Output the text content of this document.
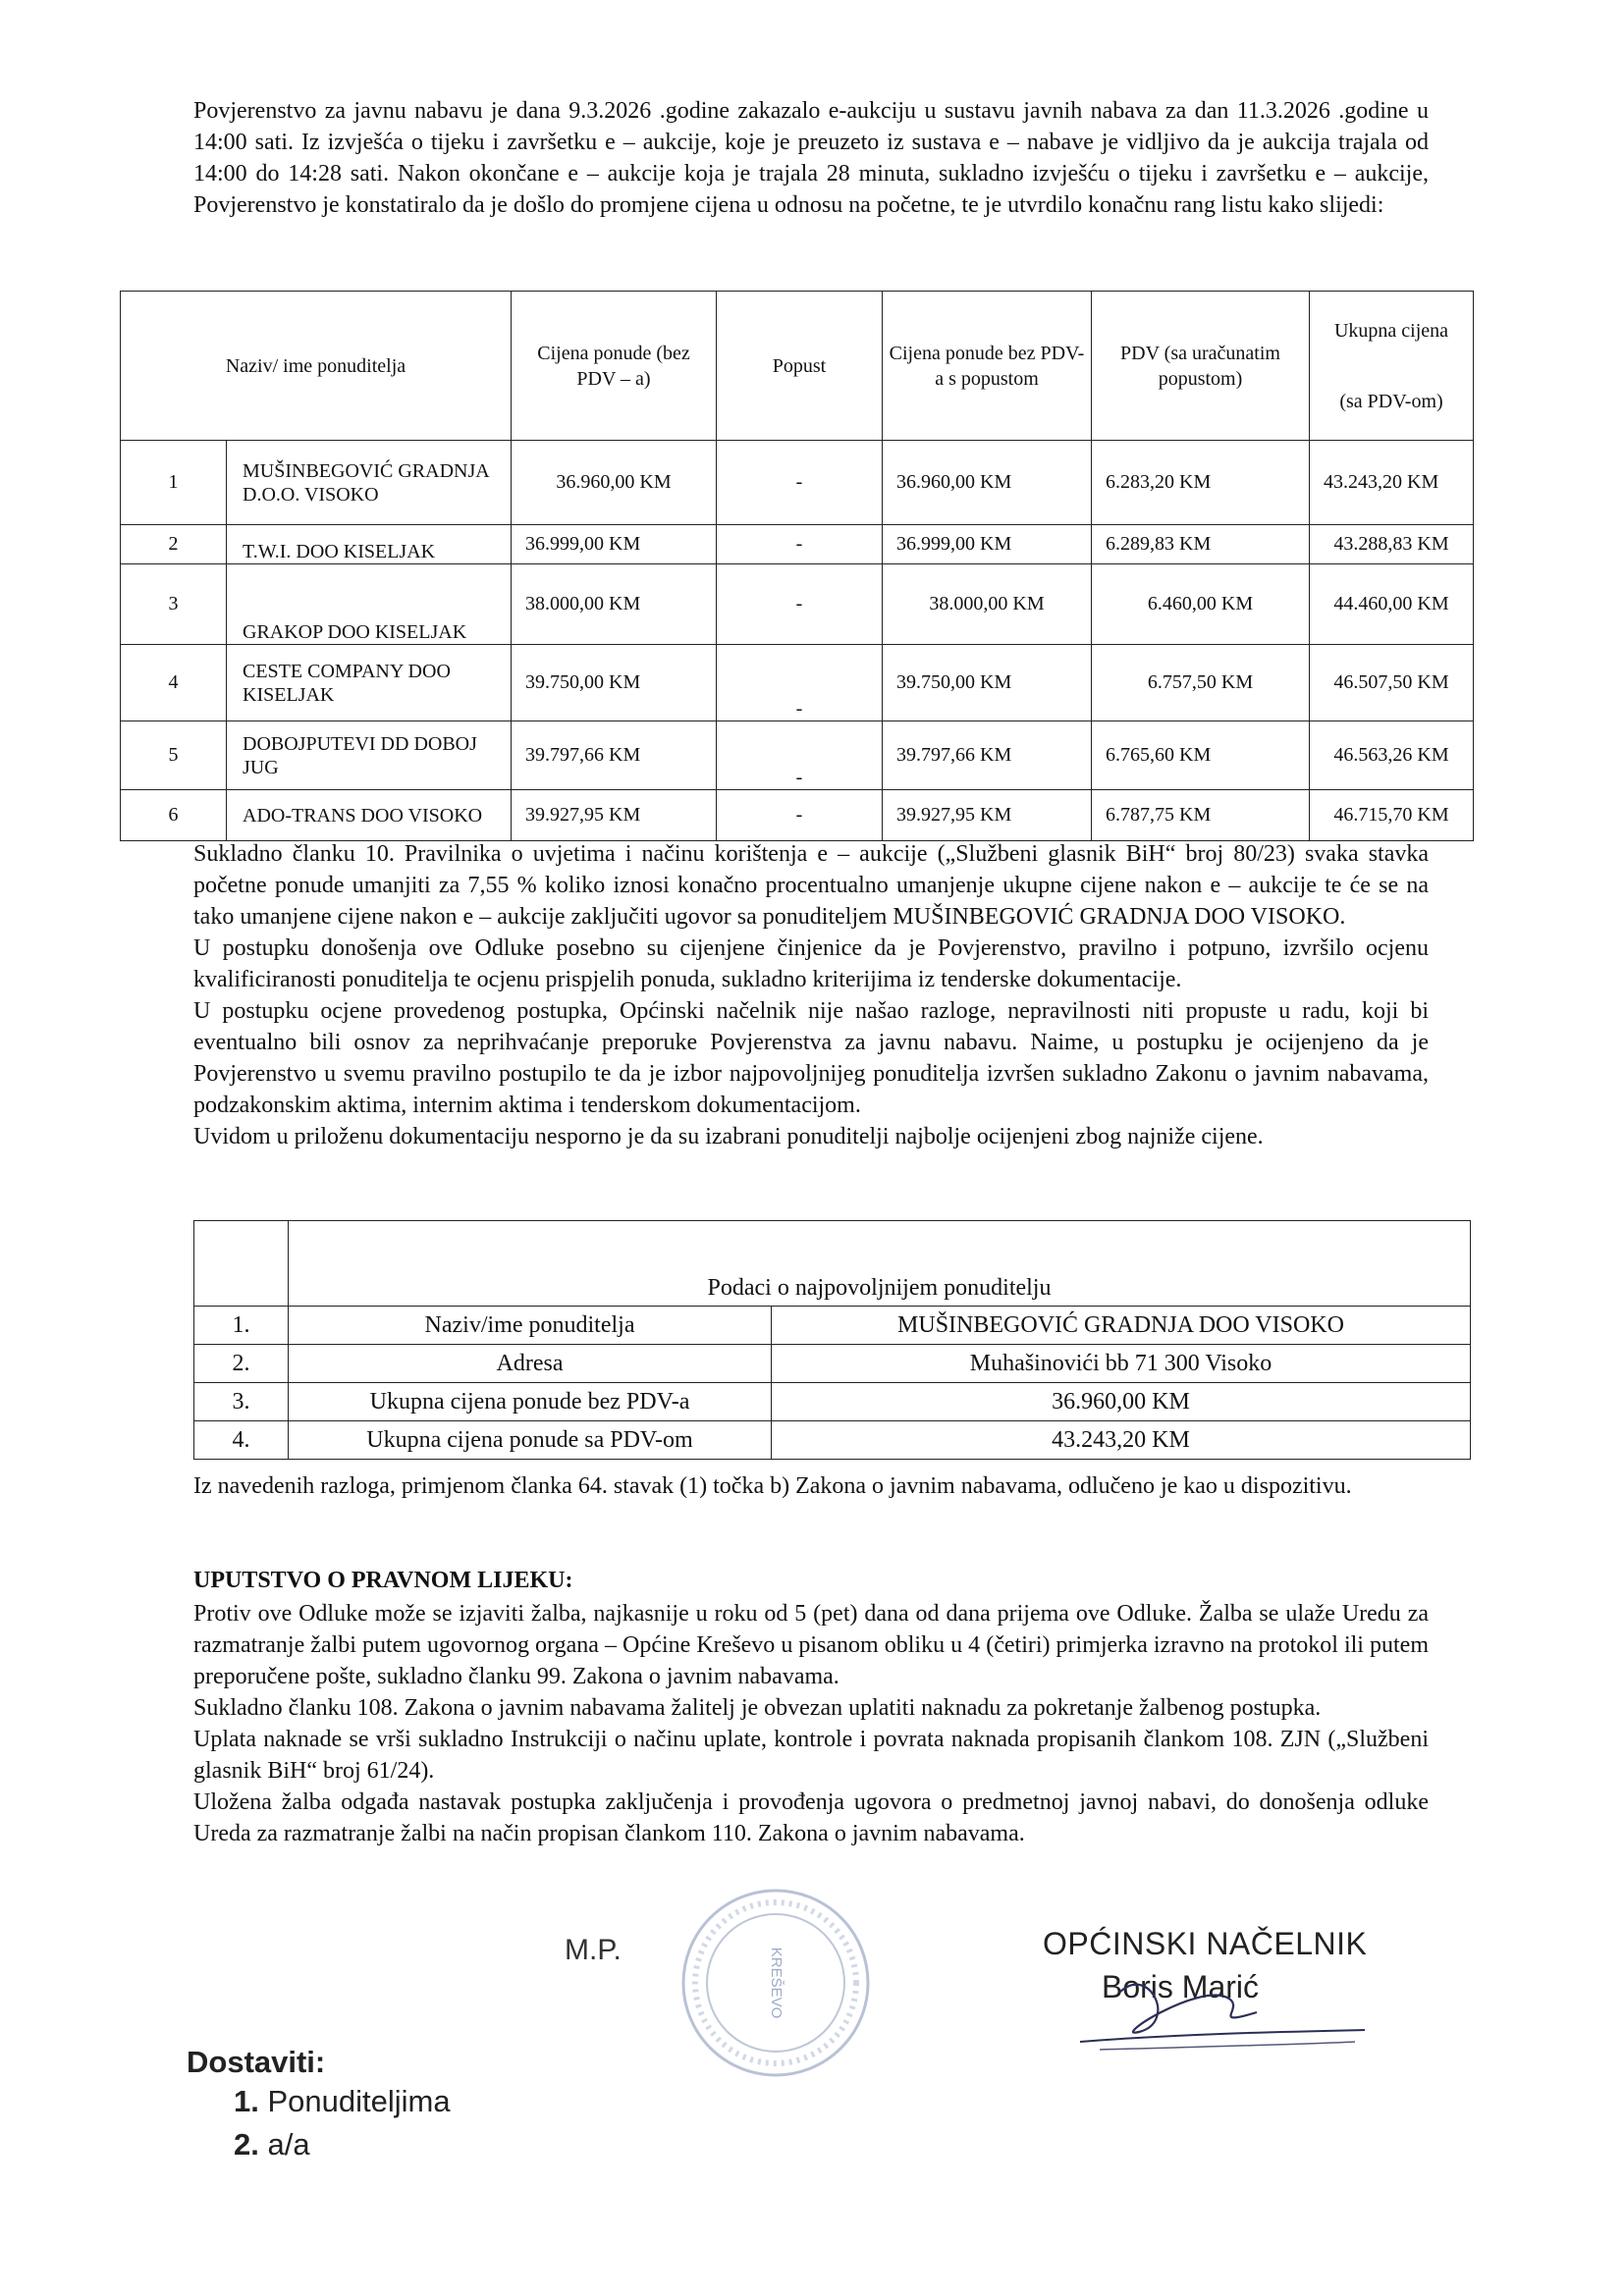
Povjerenstvo za javnu nabavu je dana 9.3.2026 .godine zakazalo e-aukciju u sustavu javnih nabava za dan 11.3.2026 .godine u 14:00 sati. Iz izvješća o tijeku i završetku e – aukcije, koje je preuzeto iz sustava e – nabave je vidljivo da je aukcija trajala od 14:00 do 14:28 sati. Nakon okončane e – aukcije koja je trajala 28 minuta, sukladno izvješću o tijeku i završetku e – aukcije, Povjerenstvo je konstatiralo da je došlo do promjene cijena u odnosu na početne, te je utvrdilo konačnu rang listu kako slijedi:

Naziv/ ime ponuditelja		Cijena ponude (bez PDV – a)	Popust	Cijena ponude bez PDV-a s popustom	PDV (sa uračunatim popustom)	Ukupna cijena
(sa PDV-om)

1	MUŠINBEGOVIĆ GRADNJA D.O.O. VISOKO	36.960,00 KM	-	36.960,00 KM	6.283,20 KM	43.243,20 KM
2	T.W.I. DOO KISELJAK	36.999,00 KM	-	36.999,00 KM	6.289,83 KM	43.288,83 KM
3	GRAKOP DOO KISELJAK	38.000,00 KM	-	38.000,00 KM	6.460,00 KM	44.460,00 KM
4	CESTE COMPANY DOO KISELJAK	39.750,00 KM	-	39.750,00 KM	6.757,50 KM	46.507,50 KM
5	DOBOJPUTEVI DD DOBOJ JUG	39.797,66 KM	-	39.797,66 KM	6.765,60 KM	46.563,26 KM
6	ADO-TRANS DOO VISOKO	39.927,95 KM	-	39.927,95 KM	6.787,75 KM	46.715,70 KM

Sukladno članku 10. Pravilnika o uvjetima i načinu korištenja e – aukcije („Službeni glasnik BiH“ broj 80/23) svaka stavka početne ponude umanjiti za 7,55 % koliko iznosi konačno procentualno umanjenje ukupne cijene nakon e – aukcije te će se na tako umanjene cijene nakon e – aukcije zaključiti ugovor sa ponuditeljem MUŠINBEGOVIĆ GRADNJA DOO VISOKO.

U postupku donošenja ove Odluke posebno su cijenjene činjenice da je Povjerenstvo, pravilno i potpuno, izvršilo ocjenu kvalificiranosti ponuditelja te ocjenu prispjelih ponuda, sukladno kriterijima iz tenderske dokumentacije.

U postupku ocjene provedenog postupka, Općinski načelnik nije našao razloge, nepravilnosti niti propuste u radu, koji bi eventualno bili osnov za neprihvaćanje preporuke Povjerenstva za javnu nabavu. Naime, u postupku je ocijenjeno da je Povjerenstvo u svemu pravilno postupilo te da je izbor najpovoljnijeg ponuditelja izvršen sukladno Zakonu o javnim nabavama, podzakonskim aktima, internim aktima i tenderskom dokumentacijom.

Uvidom u priloženu dokumentaciju nesporno je da su izabrani ponuditelji najbolje ocijenjeni zbog najniže cijene.

	Podaci o najpovoljnijem ponuditelju	
1.	Naziv/ime ponuditelja	MUŠINBEGOVIĆ GRADNJA DOO VISOKO
2.	Adresa	Muhašinovići bb 71 300 Visoko
3.	Ukupna cijena ponude bez PDV-a	36.960,00 KM
4.	Ukupna cijena ponude sa PDV-om	43.243,20 KM

Iz navedenih razloga, primjenom članka 64. stavak (1) točka b) Zakona o javnim nabavama, odlučeno je kao u dispozitivu.

UPUTSTVO O PRAVNOM LIJEKU:

Protiv ove Odluke može se izjaviti žalba, najkasnije u roku od 5 (pet) dana od dana prijema ove Odluke. Žalba se ulaže Uredu za razmatranje žalbi putem ugovornog organa – Općine Kreševo u pisanom obliku u 4 (četiri) primjerka izravno na protokol ili putem preporučene pošte, sukladno članku 99. Zakona o javnim nabavama.

Sukladno članku 108. Zakona o javnim nabavama žalitelj je obvezan uplatiti naknadu za pokretanje žalbenog postupka.

Uplata naknade se vrši sukladno Instrukciji o načinu uplate, kontrole i povrata naknada propisanih člankom 108. ZJN („Službeni glasnik BiH“ broj 61/24).

Uložena žalba odgađa nastavak postupka zaključenja i provođenja ugovora o predmetnoj javnoj nabavi, do donošenja odluke Ureda za razmatranje žalbi na način propisan člankom 110. Zakona o javnim nabavama.

M.P.	KREŠEVO
OPĆINSKI NAČELNIK
Boris Marić
Dostaviti:
1. Ponuditeljima
2. a/a
